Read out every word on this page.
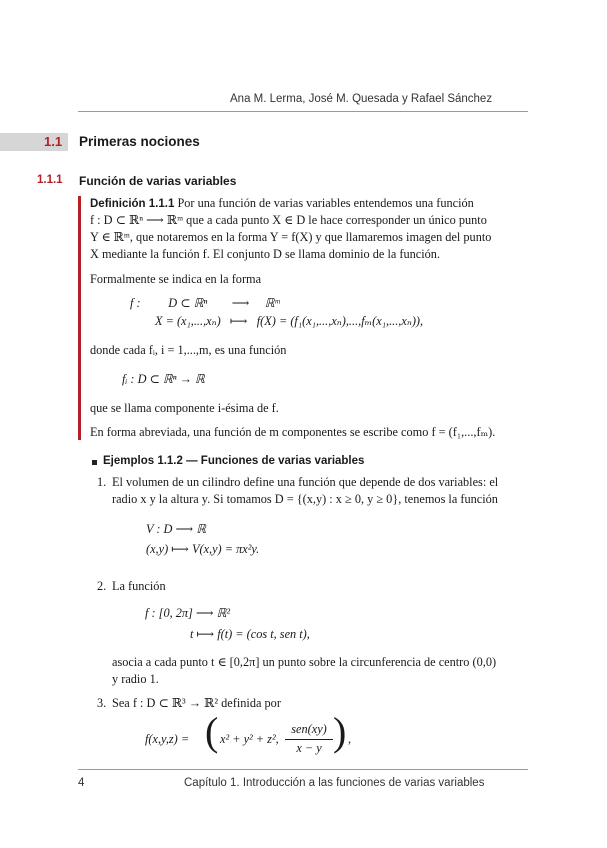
Ana M. Lerma, José M. Quesada y Rafael Sánchez
1.1 Primeras nociones
1.1.1 Función de varias variables
Definición 1.1.1 Por una función de varias variables entendemos una función
f : D ⊂ ℝⁿ ⟶ ℝᵐ que a cada punto X ∈ D le hace corresponder un único punto
Y ∈ ℝᵐ, que notaremos en la forma Y = f(X) y que llamaremos imagen del punto
X mediante la función f. El conjunto D se llama dominio de la función.
Formalmente se indica en la forma
f :         D ⊂ ℝⁿ        ⟶     ℝᵐ
X = (x₁,...,xₙ)   ⟼   f(X) = (f₁(x₁,...,xₙ),...,fₘ(x₁,...,xₙ)),
donde cada fᵢ, i = 1,...,m, es una función
fᵢ : D ⊂ ℝⁿ → ℝ
que se llama componente i-ésima de f.
En forma abreviada, una función de m componentes se escribe como f = (f₁,...,fₘ).
Ejemplos 1.1.2 — Funciones de varias variables
1. El volumen de un cilindro define una función que depende de dos variables: el
radio x y la altura y. Si tomamos D = {(x,y) : x ≥ 0, y ≥ 0}, tenemos la función
V : D ⟶ ℝ
(x,y) ⟼ V(x,y) = πx²y.
2. La función
f : [0, 2π] ⟶ ℝ²
t ⟼ f(t) = (cos t, sen t),
asocia a cada punto t ∈ [0,2π] un punto sobre la circunferencia de centro (0,0)
y radio 1.
3. Sea f : D ⊂ ℝ³ → ℝ² definida por
f(x,y,z) = ( x² + y² + z²,
sen(xy)
x − y ) ,
4	Capítulo 1. Introducción a las funciones de varias variables
